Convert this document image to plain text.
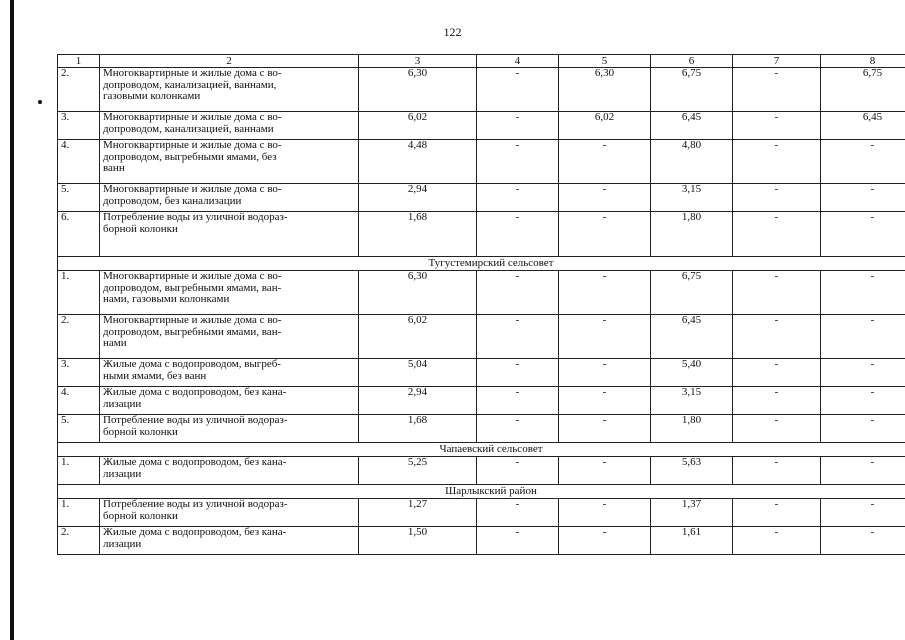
122
1	2	3	4	5	6	7	8
2.	Многоквартирные и жилые дома с во-
допроводом, канализацией, ваннами,
газовыми колонками	6,30	-	6,30	6,75	-	6,75
3.	Многоквартирные и жилые дома с во-
допроводом, канализацией, ваннами	6,02	-	6,02	6,45	-	6,45
4.	Многоквартирные и жилые дома с во-
допроводом, выгребными ямами, без
ванн	4,48	-	-	4,80	-	-
5.	Многоквартирные и жилые дома с во-
допроводом, без канализации	2,94	-	-	3,15	-	-
6.	Потребление воды из уличной водораз-
борной колонки	1,68	-	-	1,80	-	-
Тугустемирский сельсовет							
1.	Многоквартирные и жилые дома с во-
допроводом, выгребными ямами, ван-
нами, газовыми колонками	6,30	-	-	6,75	-	-
2.	Многоквартирные и жилые дома с во-
допроводом, выгребными ямами, ван-
нами	6,02	-	-	6,45	-	-
3.	Жилые дома с водопроводом, выгреб-
ными ямами, без ванн	5,04	-	-	5,40	-	-
4.	Жилые дома с водопроводом, без кана-
лизации	2,94	-	-	3,15	-	-
5.	Потребление воды из уличной водораз-
борной колонки	1,68	-	-	1,80	-	-
Чапаевский сельсовет							
1.	Жилые дома с водопроводом, без кана-
лизации	5,25	-	-	5,63	-	-
Шарлыкский район							
1.	Потребление воды из уличной водораз-
борной колонки	1,27	-	-	1,37	-	-
2.	Жилые дома с водопроводом, без кана-
лизации	1,50	-	-	1,61	-	-
